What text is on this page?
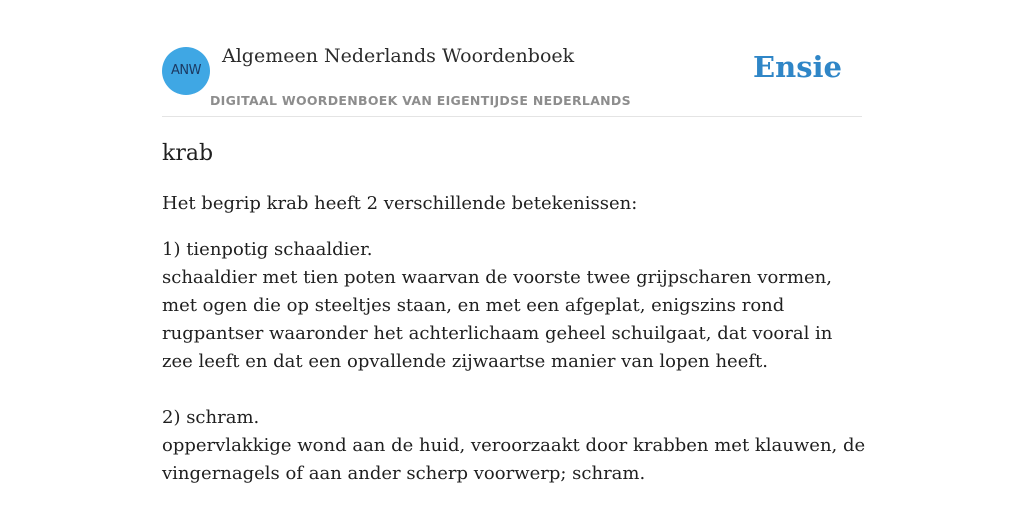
ANW
Algemeen Nederlands Woordenboek
DIGITAAL WOORDENBOEK VAN EIGENTIJDSE NEDERLANDS
Ensie
krab

Het begrip krab heeft 2 verschillende betekenissen:

1) tienpotig schaaldier.
schaaldier met tien poten waarvan de voorste twee grijpscharen vormen, met ogen die op steeltjes staan, en met een afgeplat, enigszins rond rugpantser waaronder het achterlichaam geheel schuilgaat, dat vooral in zee leeft en dat een opvallende zijwaartse manier van lopen heeft.
2) schram.
oppervlakkige wond aan de huid, veroorzaakt door krabben met klauwen, de vingernagels of aan ander scherp voorwerp; schram.
